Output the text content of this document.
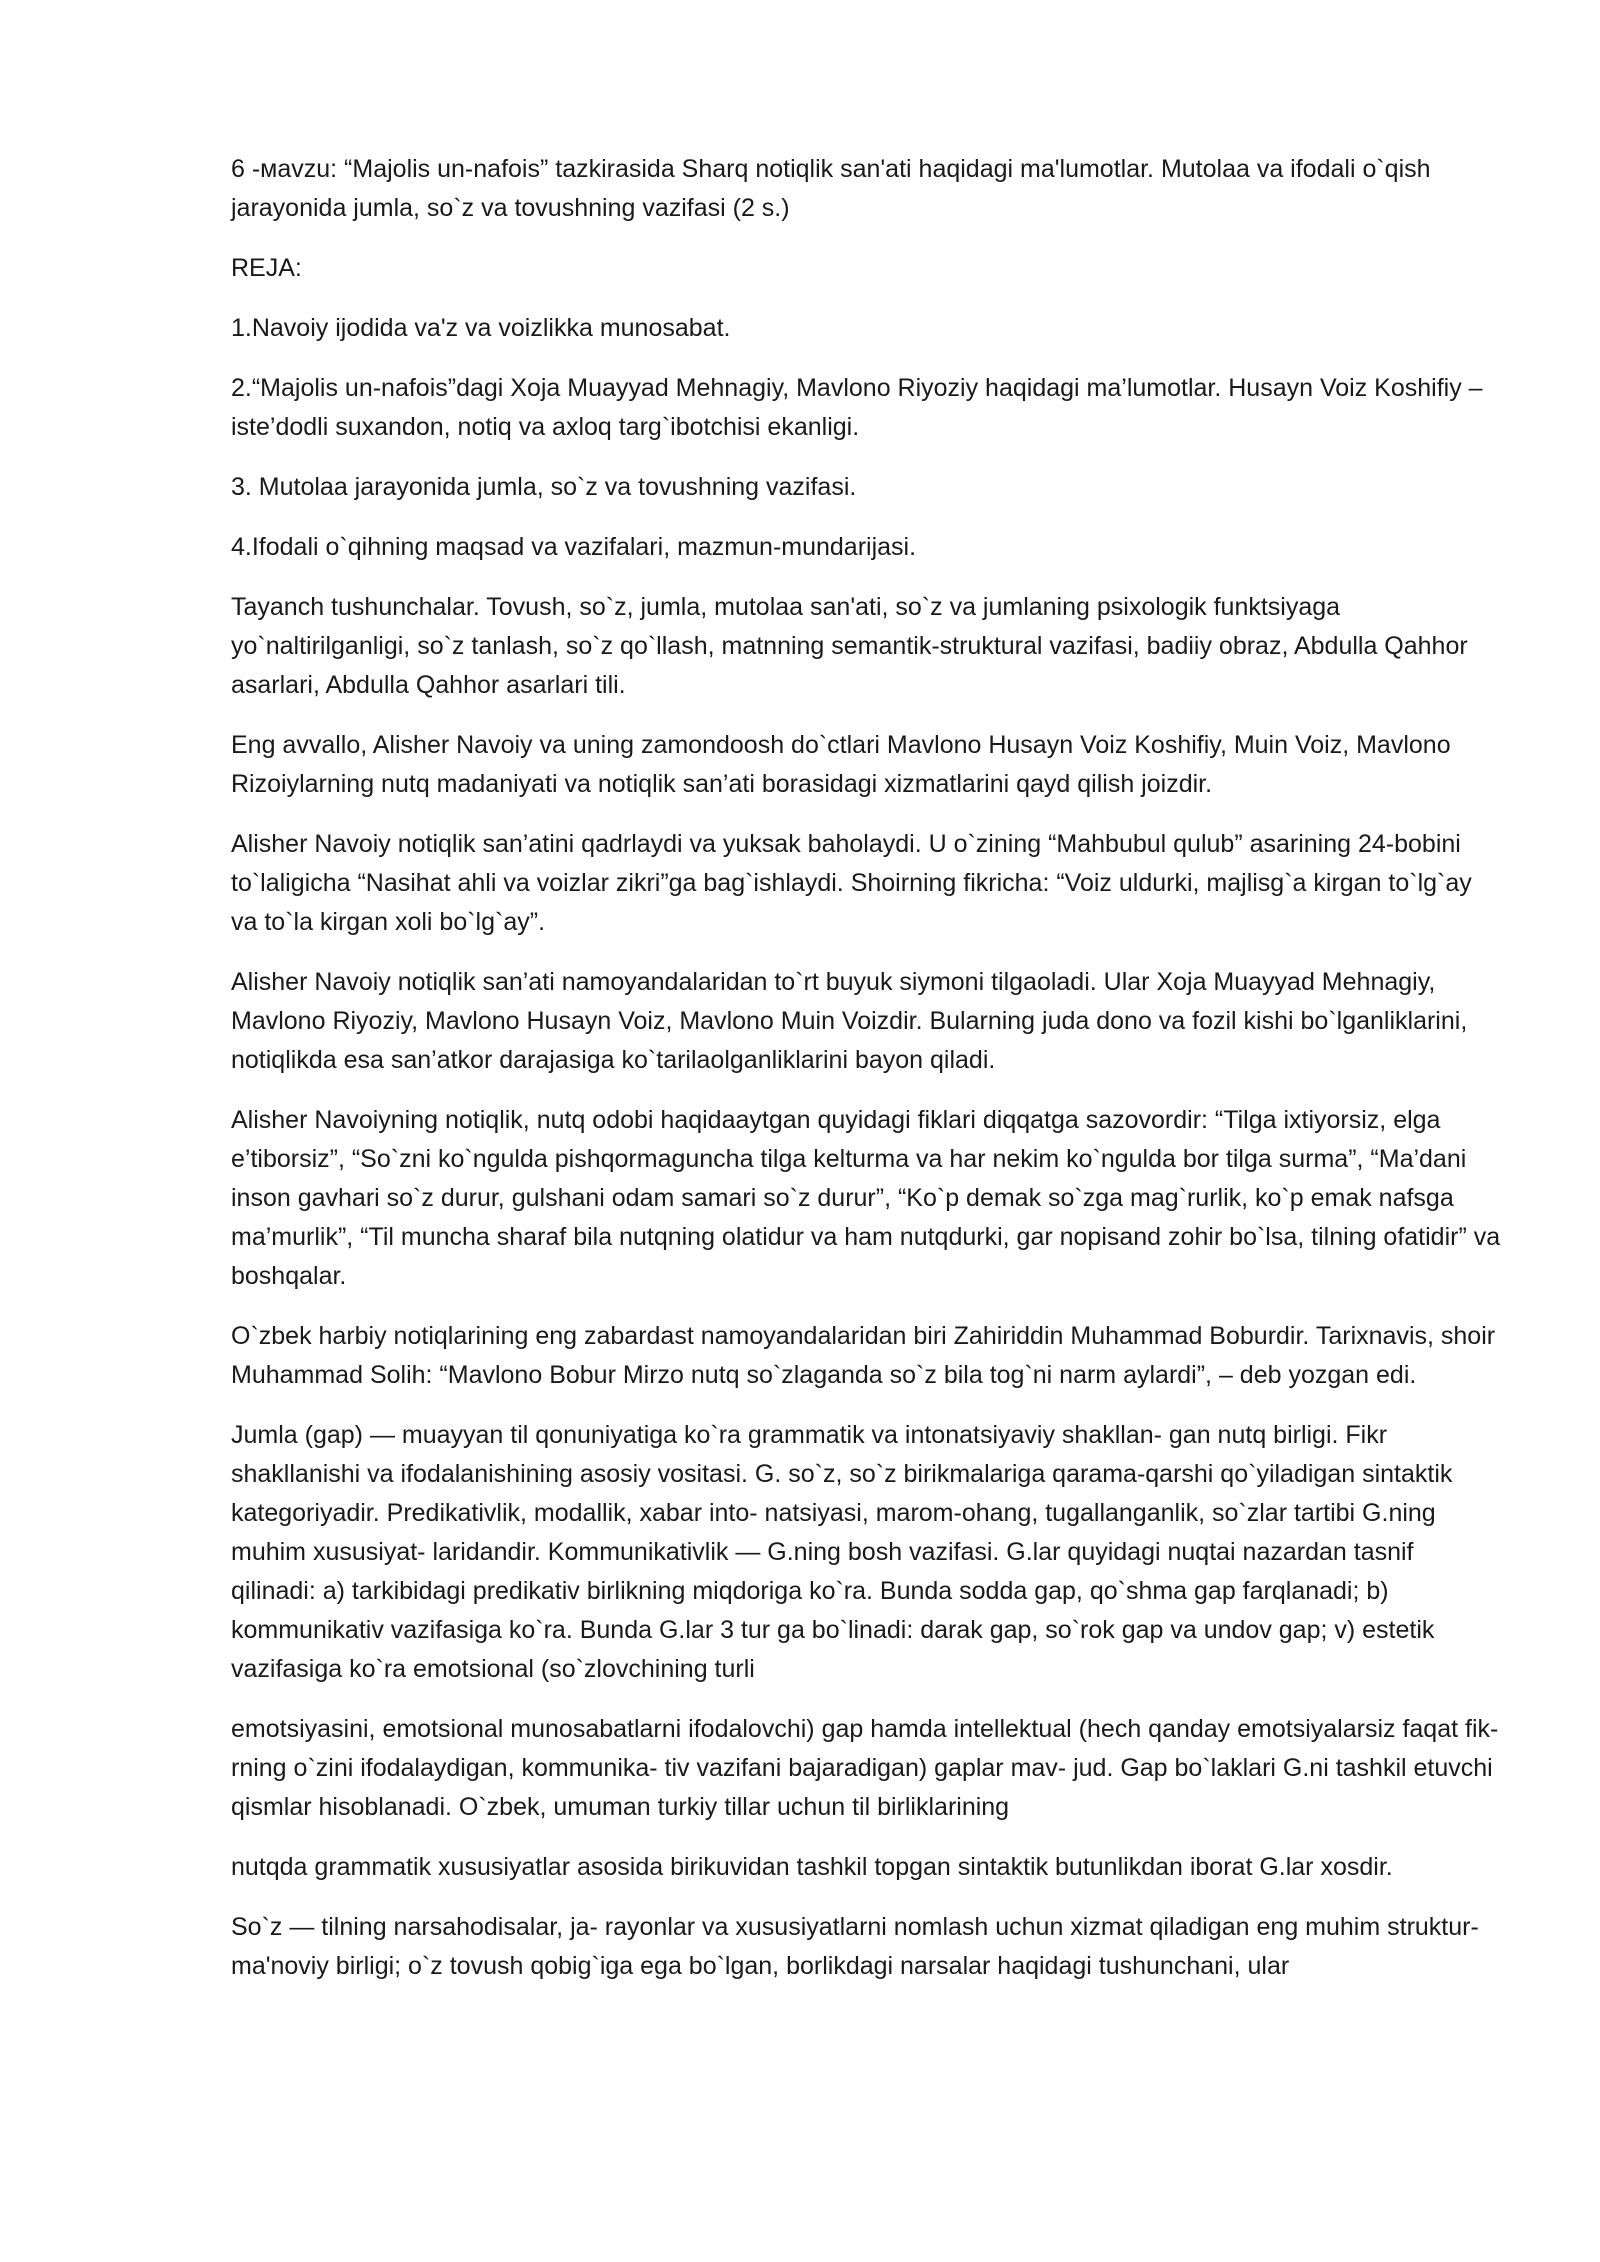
6 -мavzu: “Majolis un-nafois” tazkirasida Sharq notiqlik san'ati haqidagi ma'lumotlar. Mutolaa va ifodali o`qish jarayonida jumla, so`z va tovushning vazifasi (2 s.)

REJA:

1.Navoiy ijodida va'z va voizlikka munosabat.

2.“Majolis un-nafois”dagi Xoja Muayyad Mehnagiy, Mavlono Riyoziy haqidagi ma’lumotlar. Husayn Voiz Koshifiy – iste’dodli suxandon, notiq va axloq targ`ibotchisi ekanligi.

3. Mutolaa jarayonida jumla, so`z va tovushning vazifasi.

4.Ifodali o`qihning maqsad va vazifalari, mazmun-mundarijasi.

Tayanch tushunchalar. Tovush, so`z, jumla, mutolaa san'ati, so`z va jumlaning psixologik funktsiyaga yo`naltirilganligi, so`z tanlash, so`z qo`llash, matnning semantik-struktural vazifasi, badiiy obraz, Abdulla Qahhor asarlari, Abdulla Qahhor asarlari tili.

Eng avvallo, Alisher Navoiy va uning zamondoosh do`ctlari Mavlono Husayn Voiz Koshifiy, Muin Voiz, Mavlono Rizoiylarning nutq madaniyati va notiqlik san’ati borasidagi xizmatlarini qayd qilish joizdir.

Alisher Navoiy notiqlik san’atini qadrlaydi va yuksak baholaydi. U o`zining “Mahbubul qulub” asarining 24-bobini to`laligicha “Nasihat ahli va voizlar zikri”ga bag`ishlaydi. Shoirning fikricha: “Voiz uldurki, majlisg`a kirgan to`lg`ay va to`la kirgan xoli bo`lg`ay”.

Alisher Navoiy notiqlik san’ati namoyandalaridan to`rt buyuk siymoni tilgaoladi. Ular Xoja Muayyad Mehnagiy, Mavlono Riyoziy, Mavlono Husayn Voiz, Mavlono Muin Voizdir. Bularning juda dono va fozil kishi bo`lganliklarini, notiqlikda esa san’atkor darajasiga ko`tarilaolganliklarini bayon qiladi.

Alisher Navoiyning notiqlik, nutq odobi haqidaaytgan quyidagi fiklari diqqatga sazovordir: “Tilga ixtiyorsiz, elga e’tiborsiz”, “So`zni ko`ngulda pishqormaguncha tilga kelturma va har nekim ko`ngulda bor tilga surma”, “Ma’dani inson gavhari so`z durur, gulshani odam samari so`z durur”, “Ko`p demak so`zga mag`rurlik, ko`p emak nafsga ma’murlik”, “Til muncha sharaf bila nutqning olatidur va ham nutqdurki, gar nopisand zohir bo`lsa, tilning ofatidir” va boshqalar.

O`zbek harbiy notiqlarining eng zabardast namoyandalaridan biri Zahiriddin Muhammad Boburdir. Tarixnavis, shoir Muhammad Solih: “Mavlono Bobur Mirzo nutq so`zlaganda so`z bila tog`ni narm aylardi”, – deb yozgan edi.

Jumla (gap) — muayyan til qonuniyatiga ko`ra grammatik va intonatsiyaviy shakllan- gan nutq birligi. Fikr shakllanishi va ifodalanishining asosiy vositasi. G. so`z, so`z birikmalariga qarama-qarshi qo`yiladigan sintaktik kategoriyadir. Predikativlik, modallik, xabar into- natsiyasi, marom-ohang, tugallanganlik, so`zlar tartibi G.ning muhim xususiyat- laridandir. Kommunikativlik — G.ning bosh vazifasi. G.lar quyidagi nuqtai nazardan tasnif qilinadi: a) tarkibidagi predikativ birlikning miqdoriga ko`ra. Bunda sodda gap, qo`shma gap farqlanadi; b) kommunikativ vazifasiga ko`ra. Bunda G.lar 3 tur ga bo`linadi: darak gap, so`rok gap va undov gap; v) estetik vazifasiga ko`ra emotsional (so`zlovchining turli

emotsiyasini, emotsional munosabatlarni ifodalovchi) gap hamda intellektual (hech qanday emotsiyalarsiz faqat fik- rning o`zini ifodalaydigan, kommunika- tiv vazifani bajaradigan) gaplar mav- jud. Gap bo`laklari G.ni tashkil etuvchi qismlar hisoblanadi. O`zbek, umuman turkiy tillar uchun til birliklarining

nutqda grammatik xususiyatlar asosida birikuvidan tashkil topgan sintaktik butunlikdan iborat G.lar xosdir.

So`z — tilning narsahodisalar, ja- rayonlar va xususiyatlarni nomlash uchun xizmat qiladigan eng muhim struktur-ma'noviy birligi; o`z tovush qobig`iga ega bo`lgan, borlikdagi narsalar haqidagi tushunchani, ular
